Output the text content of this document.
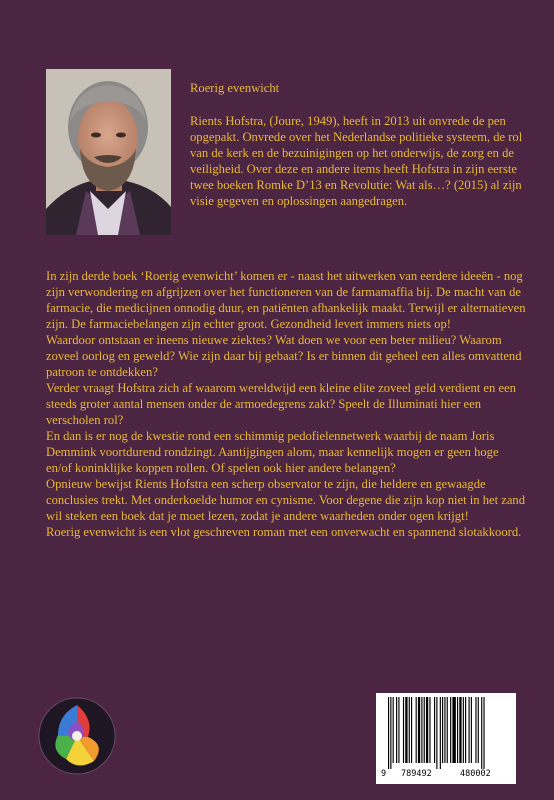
Roerig evenwicht

Rients Hofstra, (Joure, 1949), heeft in 2013 uit onvrede de pen opgepakt. Onvrede over het Nederlandse politieke systeem, de rol van de kerk en de bezuinigingen op het onderwijs, de zorg en de veiligheid. Over deze en andere items heeft Hofstra in zijn eerste twee boeken Romke D’13 en Revolutie: Wat als…? (2015) al zijn visie gegeven en oplossingen aangedragen.

In zijn derde boek ‘Roerig evenwicht’ komen er - naast het uitwerken van eerdere ideeën - nog zijn verwondering en afgrijzen over het functioneren van de farmamaffia bij. De macht van de farmacie, die medicijnen onnodig duur, en patiënten afhankelijk maakt. Terwijl er alternatieven zijn. De farmaciebelangen zijn echter groot. Gezondheid levert immers niets op!

Waardoor ontstaan er ineens nieuwe ziektes? Wat doen we voor een beter milieu? Waarom zoveel oorlog en geweld? Wie zijn daar bij gebaat? Is er binnen dit geheel een alles omvattend patroon te ontdekken?

Verder vraagt Hofstra zich af waarom wereldwijd een kleine elite zoveel geld verdient en een steeds groter aantal mensen onder de armoedegrens zakt? Speelt de Illuminati hier een verscholen rol?

En dan is er nog de kwestie rond een schimmig pedofielennetwerk waarbij de naam Joris Demmink voortdurend rondzingt. Aantijgingen alom, maar kennelijk mogen er geen hoge en/of koninklijke koppen rollen. Of spelen ook hier andere belangen?

Opnieuw bewijst Rients Hofstra een scherp observator te zijn, die heldere en gewaagde conclusies trekt. Met onderkoelde humor en cynisme. Voor degene die zijn kop niet in het zand wil steken een boek dat je moet lezen, zodat je andere waarheden onder ogen krijgt!

Roerig evenwicht is een vlot geschreven roman met een onverwacht en spannend slotakkoord.

9 789492	480002
